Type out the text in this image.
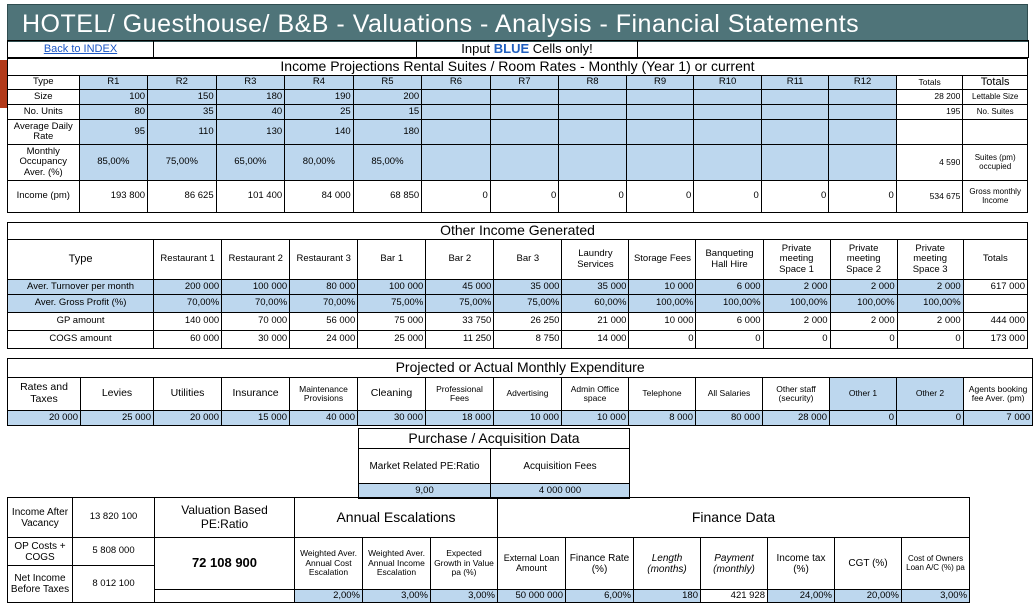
HOTEL/ Guesthouse/ B&B - Valuations - Analysis - Financial Statements
Back to INDEX		Input BLUE Cells only!	
Income Projections Rental Suites / Room Rates - Monthly (Year 1) or current														
Type	R1	R2	R3	R4	R5	R6	R7	R8	R9	R10	R11	R12	Totals	Totals
Size	100	150	180	190	200								28 200	Lettable Size
No. Units	80	35	40	25	15								195	No. Suites
Average Daily Rate	95	110	130	140	180									
Monthly Occupancy Aver. (%)	85,00%	75,00%	65,00%	80,00%	85,00%								4 590	Suites (pm) occupied
Income (pm)	193 800	86 625	101 400	84 000	68 850	0	0	0	0	0	0	0	534 675	Gross monthly Income
Other Income Generated													
Type	Restaurant 1	Restaurant 2	Restaurant 3	Bar 1	Bar 2	Bar 3	Laundry Services	Storage Fees	Banqueting Hall Hire	Private meeting Space 1	Private meeting Space 2	Private meeting Space 3	Totals
Aver. Turnover per month	200 000	100 000	80 000	100 000	45 000	35 000	35 000	10 000	6 000	2 000	2 000	2 000	617 000
Aver. Gross Profit (%)	70,00%	70,00%	70,00%	75,00%	75,00%	75,00%	60,00%	100,00%	100,00%	100,00%	100,00%	100,00%	
GP amount	140 000	70 000	56 000	75 000	33 750	26 250	21 000	10 000	6 000	2 000	2 000	2 000	444 000
COGS amount	60 000	30 000	24 000	25 000	11 250	8 750	14 000	0	0	0	0	0	173 000
Projected or Actual Monthly Expenditure														
Rates and Taxes	Levies	Utilities	Insurance	Maintenance Provisions	Cleaning	Professional Fees	Advertising	Admin Office space	Telephone	All Salaries	Other staff (security)	Other 1	Other 2	Agents booking fee Aver. (pm)
20 000	25 000	20 000	15 000	40 000	30 000	18 000	10 000	10 000	8 000	80 000	28 000	0	0	7 000
Purchase / Acquisition Data	
Market Related PE:Ratio	Acquisition Fees
9,00	4 000 000
Income After Vacancy	13 820 100	Valuation Based PE:Ratio	Annual Escalations			Finance Data						
OP Costs + COGS	5 808 000	72 108 900	Weighted Aver. Annual Cost Escalation	Weighted Aver. Annual Income Escalation	Expected Growth in Value pa (%)	External Loan Amount	Finance Rate (%)	Length (months)	Payment (monthly)	Income tax (%)	CGT (%)	Cost of Owners Loan A/C (%) pa
Net Income Before Taxes	8 012 100											
			2,00%	3,00%	3,00%	50 000 000	6,00%	180	421 928	24,00%	20,00%	3,00%
